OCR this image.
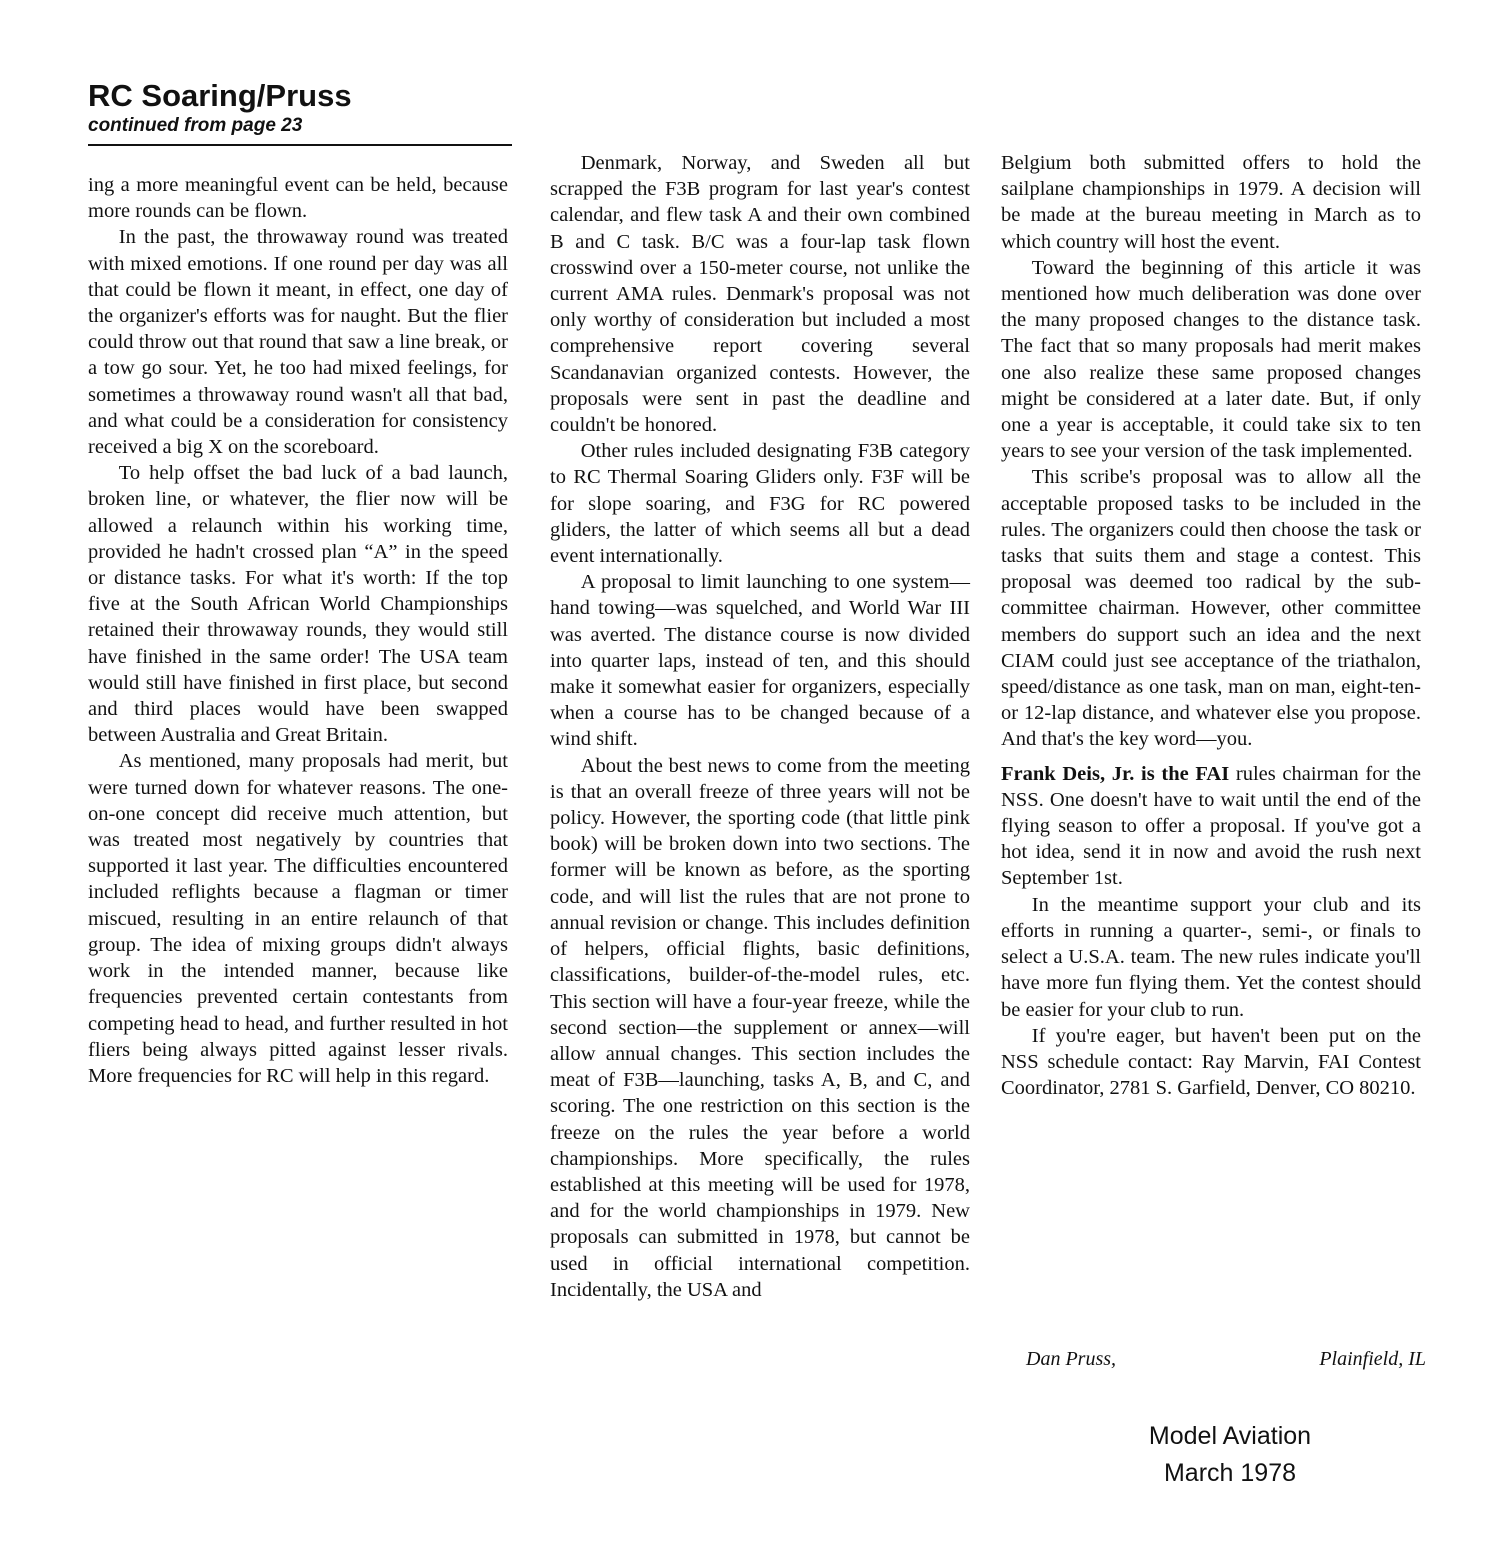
RC Soaring/Pruss

continued from page 23

ing a more meaningful event can be held, because more rounds can be flown.

In the past, the throwaway round was treated with mixed emotions. If one round per day was all that could be flown it meant, in effect, one day of the organizer's efforts was for naught. But the flier could throw out that round that saw a line break, or a tow go sour. Yet, he too had mixed feelings, for sometimes a throwaway round wasn't all that bad, and what could be a consideration for consistency received a big X on the scoreboard.

To help offset the bad luck of a bad launch, broken line, or whatever, the flier now will be allowed a relaunch within his working time, provided he hadn't crossed plan “A” in the speed or distance tasks. For what it's worth: If the top five at the South African World Championships retained their throwaway rounds, they would still have finished in the same order! The USA team would still have finished in first place, but second and third places would have been swapped between Australia and Great Britain.

As mentioned, many proposals had merit, but were turned down for whatever reasons. The one-on-one concept did receive much attention, but was treated most negatively by countries that supported it last year. The difficulties encountered included reflights because a flagman or timer miscued, resulting in an entire relaunch of that group. The idea of mixing groups didn't always work in the intended manner, because like frequencies prevented certain contestants from competing head to head, and further resulted in hot fliers being always pitted against lesser rivals. More frequencies for RC will help in this regard.

Denmark, Norway, and Sweden all but scrapped the F3B program for last year's contest calendar, and flew task A and their own combined B and C task. B/C was a four-lap task flown crosswind over a 150-meter course, not unlike the current AMA rules. Denmark's proposal was not only worthy of consideration but included a most comprehensive report covering several Scandanavian organized contests. However, the proposals were sent in past the deadline and couldn't be honored.

Other rules included designating F3B category to RC Thermal Soaring Gliders only. F3F will be for slope soaring, and F3G for RC powered gliders, the latter of which seems all but a dead event internationally.

A proposal to limit launching to one system—hand towing—was squelched, and World War III was averted. The distance course is now divided into quarter laps, instead of ten, and this should make it somewhat easier for organizers, especially when a course has to be changed because of a wind shift.

About the best news to come from the meeting is that an overall freeze of three years will not be policy. However, the sporting code (that little pink book) will be broken down into two sections. The former will be known as before, as the sporting code, and will list the rules that are not prone to annual revision or change. This includes definition of helpers, official flights, basic definitions, classifications, builder-of-the-model rules, etc. This section will have a four-year freeze, while the second section—the supplement or annex—will allow annual changes. This section includes the meat of F3B—launching, tasks A, B, and C, and scoring. The one restriction on this section is the freeze on the rules the year before a world championships. More specifically, the rules established at this meeting will be used for 1978, and for the world championships in 1979. New proposals can submitted in 1978, but cannot be used in official international competition. Incidentally, the USA and

Belgium both submitted offers to hold the sailplane championships in 1979. A decision will be made at the bureau meeting in March as to which country will host the event.

Toward the beginning of this article it was mentioned how much deliberation was done over the many proposed changes to the distance task. The fact that so many proposals had merit makes one also realize these same proposed changes might be considered at a later date. But, if only one a year is acceptable, it could take six to ten years to see your version of the task implemented.

This scribe's proposal was to allow all the acceptable proposed tasks to be included in the rules. The organizers could then choose the task or tasks that suits them and stage a contest. This proposal was deemed too radical by the sub-committee chairman. However, other committee members do support such an idea and the next CIAM could just see acceptance of the triathalon, speed/distance as one task, man on man, eight-ten- or 12-lap distance, and whatever else you propose. And that's the key word—you.

Frank Deis, Jr. is the FAI rules chairman for the NSS. One doesn't have to wait until the end of the flying season to offer a proposal. If you've got a hot idea, send it in now and avoid the rush next September 1st.

In the meantime support your club and its efforts in running a quarter-, semi-, or finals to select a U.S.A. team. The new rules indicate you'll have more fun flying them. Yet the contest should be easier for your club to run.

If you're eager, but haven't been put on the NSS schedule contact: Ray Marvin, FAI Contest Coordinator, 2781 S. Garfield, Denver, CO 80210.

Dan Pruss,	Plainfield, IL
Model Aviation
March 1978
